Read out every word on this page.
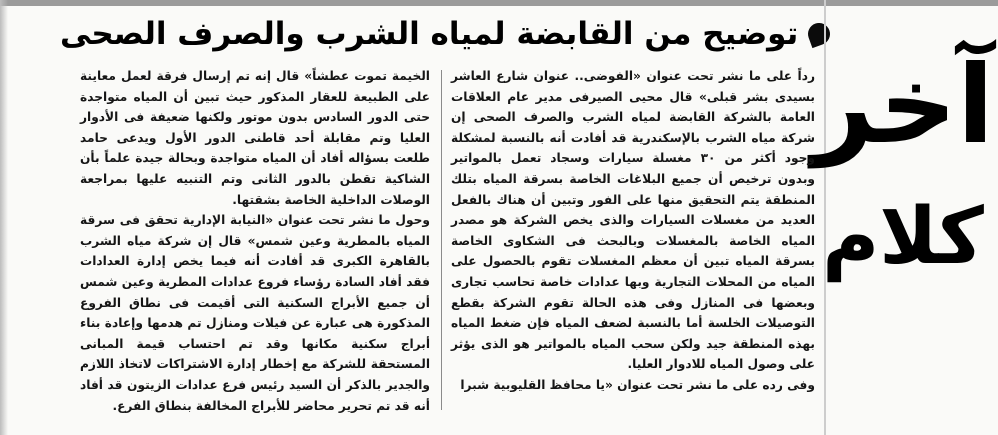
توضيح من القابضة لمياه الشرب والصرف الصحى
آخر
كلام

رداً على ما نشر تحت عنوان «الفوضى.. عنوان شارع العاشر بسيدى بشر قبلى» قال محيى الصيرفى مدير عام العلاقات العامة بالشركة القابضة لمياه الشرب والصرف الصحى إن شركة مياه الشرب بالإسكندرية قد أفادت أنه بالنسبة لمشكلة وجود أكثر من ٣٠ مغسلة سيارات وسجاد تعمل بالمواتير وبدون ترخيص أن جميع البلاغات الخاصة بسرقة المياه بتلك المنطقة يتم التحقيق منها على الفور وتبين أن هناك بالفعل العديد من مغسلات السيارات والذى يخص الشركة هو مصدر المياه الخاصة بالمغسلات وبالبحث فى الشكاوى الخاصة بسرقة المياه تبين أن معظم المغسلات تقوم بالحصول على المياه من المحلات التجارية وبها عدادات خاصة تحاسب تجارى وبعضها فى المنازل وفى هذه الحالة تقوم الشركة بقطع التوصيلات الخلسة أما بالنسبة لضعف المياه فإن ضغط المياه بهذه المنطقة جيد ولكن سحب المياه بالمواتير هو الذى يؤثر على وصول المياه للادوار العليا.

وفى رده على ما نشر تحت عنوان «يا محافظ القليوبية شبرا

الخيمة تموت عطشاً» قال إنه تم إرسال فرقة لعمل معاينة على الطبيعة للعقار المذكور حيث تبين أن المياه متواجدة حتى الدور السادس بدون موتور ولكنها ضعيفة فى الأدوار العليا وتم مقابلة أحد قاطنى الدور الأول ويدعى حامد طلعت بسؤاله أفاد أن المياه متواجدة وبحالة جيدة علماً بأن الشاكية تقطن بالدور الثانى وتم التنبيه عليها بمراجعة الوصلات الداخلية الخاصة بشقتها.

وحول ما نشر تحت عنوان «النيابة الإدارية تحقق فى سرقة المياه بالمطرية وعين شمس» قال إن شركة مياه الشرب بالقاهرة الكبرى قد أفادت أنه فيما يخص إدارة العدادات فقد أفاد السادة رؤساء فروع عدادات المطرية وعين شمس أن جميع الأبراج السكنية التى أقيمت فى نطاق الفروع المذكورة هى عبارة عن فيلات ومنازل تم هدمها وإعادة بناء أبراج سكنية مكانها وقد تم احتساب قيمة المبانى المستحقة للشركة مع إخطار إدارة الاشتراكات لاتخاذ اللازم والجدير بالذكر أن السيد رئيس فرع عدادات الزيتون قد أفاد أنه قد تم تحرير محاضر للأبراج المخالفة بنطاق الفرع.
